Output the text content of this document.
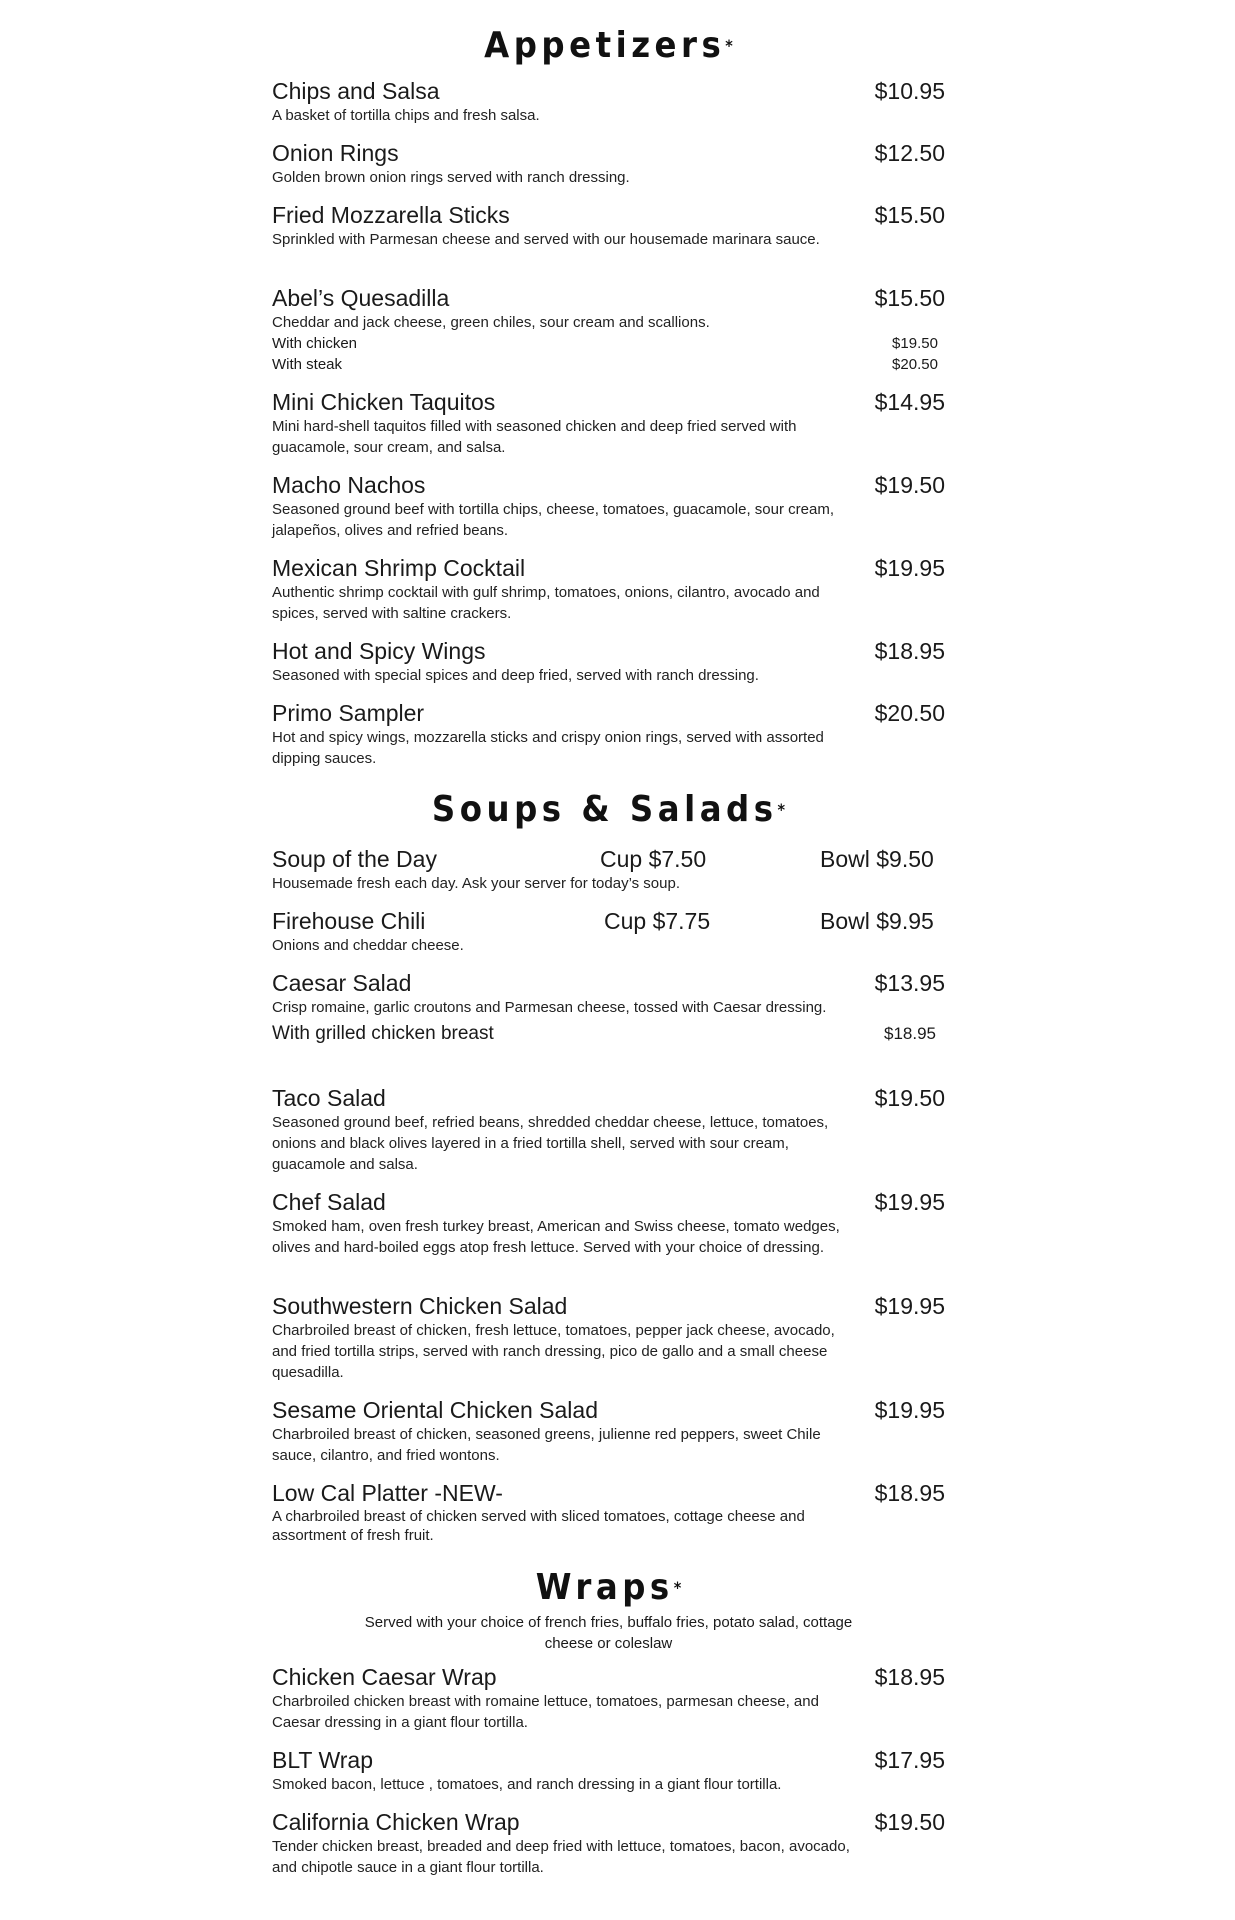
Appetizers*
Chips and Salsa	$10.95
A basket of tortilla chips and fresh salsa.
Onion Rings	$12.50
Golden brown onion rings served with ranch dressing.
Fried Mozzarella Sticks	$15.50
Sprinkled with Parmesan cheese and served with our housemade marinara sauce.
Abel’s Quesadilla	$15.50
Cheddar and jack cheese, green chiles, sour cream and scallions.
With chicken	$19.50
With steak	$20.50
Mini Chicken Taquitos	$14.95
Mini hard-shell taquitos filled with seasoned chicken and deep fried served with guacamole, sour cream, and salsa.
Macho Nachos	$19.50
Seasoned ground beef with tortilla chips, cheese, tomatoes, guacamole, sour cream, jalapeños, olives and refried beans.
Mexican Shrimp Cocktail	$19.95
Authentic shrimp cocktail with gulf shrimp, tomatoes, onions, cilantro, avocado and spices, served with saltine crackers.
Hot and Spicy Wings	$18.95
Seasoned with special spices and deep fried, served with ranch dressing.
Primo Sampler	$20.50
Hot and spicy wings, mozzarella sticks and crispy onion rings, served with assorted dipping sauces.
Soups & Salads*
Soup of the Day	Cup $7.50	Bowl $9.50
Housemade fresh each day. Ask your server for today’s soup.
Firehouse Chili	Cup $7.75	Bowl $9.95
Onions and cheddar cheese.
Caesar Salad	$13.95
Crisp romaine, garlic croutons and Parmesan cheese, tossed with Caesar dressing.
With grilled chicken breast	$18.95
Taco Salad	$19.50
Seasoned ground beef, refried beans, shredded cheddar cheese, lettuce, tomatoes, onions and black olives layered in a fried tortilla shell, served with sour cream, guacamole and salsa.
Chef Salad	$19.95
Smoked ham, oven fresh turkey breast, American and Swiss cheese, tomato wedges, olives and hard-boiled eggs atop fresh lettuce. Served with your choice of dressing.
Southwestern Chicken Salad	$19.95
Charbroiled breast of chicken, fresh lettuce, tomatoes, pepper jack cheese, avocado, and fried tortilla strips, served with ranch dressing, pico de gallo and a small cheese quesadilla.
Sesame Oriental Chicken Salad	$19.95
Charbroiled breast of chicken, seasoned greens, julienne red peppers, sweet Chile sauce, cilantro, and fried wontons.
Low Cal Platter -NEW-	$18.95
A charbroiled breast of chicken served with sliced tomatoes, cottage cheese and assortment of fresh fruit.
Wraps*
Served with your choice of french fries, buffalo fries, potato salad, cottage cheese or coleslaw
Chicken Caesar Wrap	$18.95
Charbroiled chicken breast with romaine lettuce, tomatoes, parmesan cheese, and Caesar dressing in a giant flour tortilla.
BLT Wrap	$17.95
Smoked bacon, lettuce , tomatoes, and ranch dressing in a giant flour tortilla.
California Chicken Wrap	$19.50
Tender chicken breast, breaded and deep fried with lettuce, tomatoes, bacon, avocado, and chipotle sauce in a giant flour tortilla.
